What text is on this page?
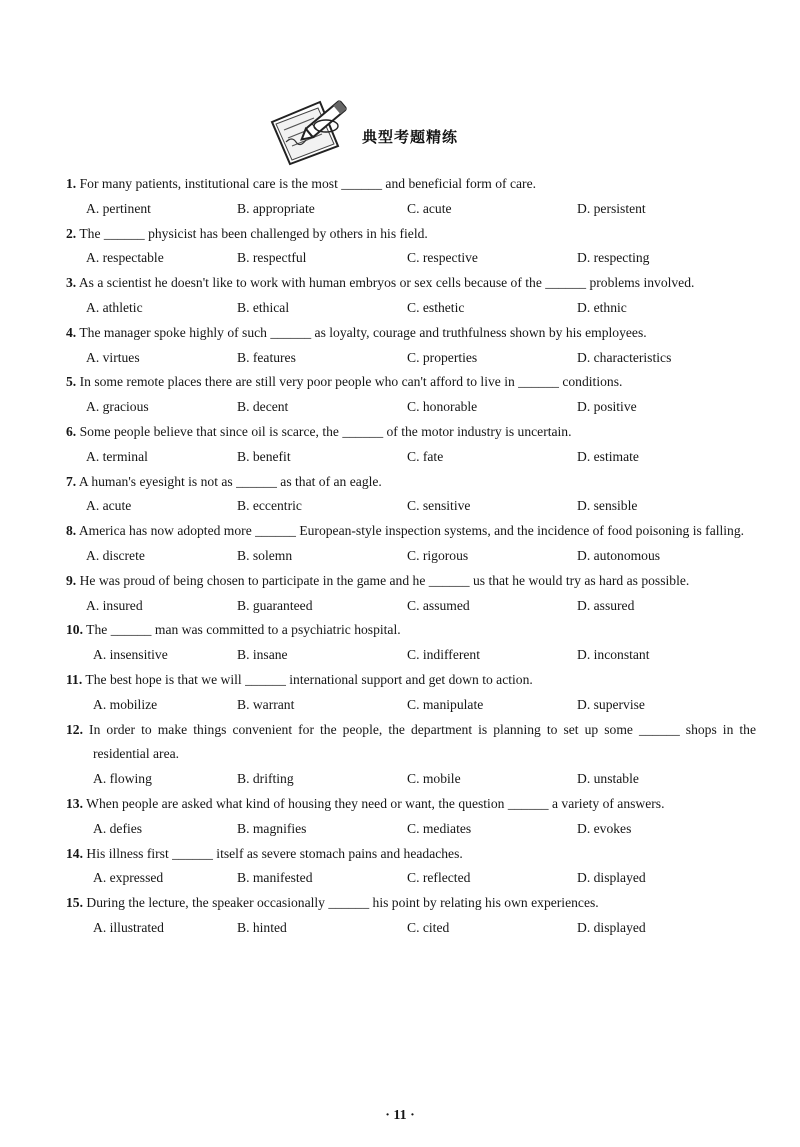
典型考题精练
1. For many patients, institutional care is the most ______ and beneficial form of care.
A. pertinent	B. appropriate	C. acute	D. persistent
2. The ______ physicist has been challenged by others in his field.
A. respectable	B. respectful	C. respective	D. respecting
3. As a scientist he doesn't like to work with human embryos or sex cells because of the ______ problems involved.
A. athletic	B. ethical	C. esthetic	D. ethnic
4. The manager spoke highly of such ______ as loyalty, courage and truthfulness shown by his employees.
A. virtues	B. features	C. properties	D. characteristics
5. In some remote places there are still very poor people who can't afford to live in ______ conditions.
A. gracious	B. decent	C. honorable	D. positive
6. Some people believe that since oil is scarce, the ______ of the motor industry is uncertain.
A. terminal	B. benefit	C. fate	D. estimate
7. A human's eyesight is not as ______ as that of an eagle.
A. acute	B. eccentric	C. sensitive	D. sensible
8. America has now adopted more ______ European-style inspection systems, and the incidence of food poisoning is falling.
A. discrete	B. solemn	C. rigorous	D. autonomous
9. He was proud of being chosen to participate in the game and he ______ us that he would try as hard as possible.
A. insured	B. guaranteed	C. assumed	D. assured
10. The ______ man was committed to a psychiatric hospital.
A. insensitive	B. insane	C. indifferent	D. inconstant
11. The best hope is that we will ______ international support and get down to action.
A. mobilize	B. warrant	C. manipulate	D. supervise
12. In order to make things convenient for the people, the department is planning to set up some ______ shops in the residential area.
A. flowing	B. drifting	C. mobile	D. unstable
13. When people are asked what kind of housing they need or want, the question ______ a variety of answers.
A. defies	B. magnifies	C. mediates	D. evokes
14. His illness first ______ itself as severe stomach pains and headaches.
A. expressed	B. manifested	C. reflected	D. displayed
15. During the lecture, the speaker occasionally ______ his point by relating his own experiences.
A. illustrated	B. hinted	C. cited	D. displayed
· 11 ·
